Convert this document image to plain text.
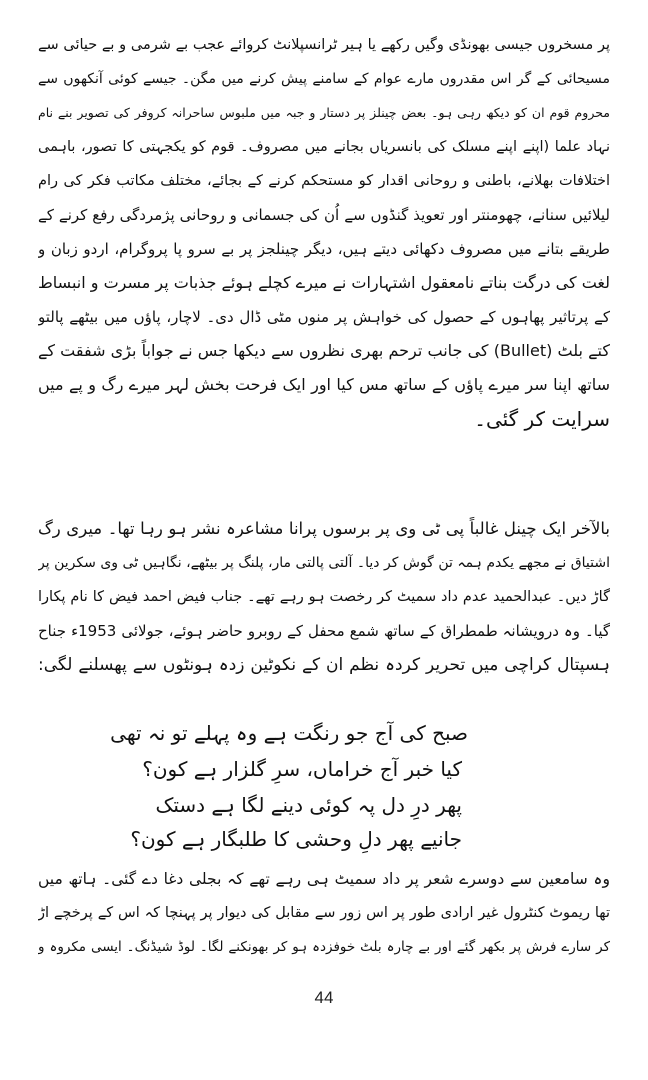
پر مسخروں جیسی بھونڈی وگیں رکھے یا ہیر ٹرانسپلانٹ کروائے عجب بے شرمی و بے حیائی سے
مسیحائی کے گر اس مقدروں مارے عوام کے سامنے پیش کرنے میں مگن۔ جیسے کوئی آنکھوں سے
محروم قوم ان کو دیکھ رہی ہو۔ بعض چینلز پر دستار و جبہ میں ملبوس ساحرانہ کروفر کی تصویر بنے نام
نہاد علما (اپنے اپنے مسلک کی بانسریاں بجانے میں مصروف۔ قوم کو یکجہتی کا تصور، باہمی
اختلافات بھلانے، باطنی و روحانی اقدار کو مستحکم کرنے کے بجائے، مختلف مکاتب فکر کی رام
لیلائیں سنانے، چھومنتر اور تعویذ گنڈوں سے اُن کی جسمانی و روحانی پژمردگی رفع کرنے کے
طریقے بتانے میں مصروف دکھائی دیتے ہیں، دیگر چینلجز پر بے سرو پا پروگرام، اردو زبان و
لغت کی درگت بناتے نامعقول اشتہارات نے میرے کچلے ہوئے جذبات پر مسرت و انبساط
کے پرتاثیر پھاہوں کے حصول کی خواہش پر منوں مٹی ڈال دی۔ لاچار، پاؤں میں بیٹھے پالتو
کتے بلٹ (Bullet) کی جانب ترحم بھری نظروں سے دیکھا جس نے جواباً بڑی شفقت کے
ساتھ اپنا سر میرے پاؤں کے ساتھ مس کیا اور ایک فرحت بخش لہر میرے رگ و پے میں
سرایت کر گئی۔
بالآخر ایک چینل غالباً پی ٹی وی پر برسوں پرانا مشاعرہ نشر ہو رہا تھا۔ میری رگ
اشتیاق نے مجھے یکدم ہمہ تن گوش کر دیا۔ آلتی پالتی مار، پلنگ پر بیٹھے، نگاہیں ٹی وی سکرین پر
گاڑ دیں۔ عبدالحمید عدم داد سمیٹ کر رخصت ہو رہے تھے۔ جناب فیض احمد فیض کا نام پکارا
گیا۔ وہ درویشانہ طمطراق کے ساتھ شمع محفل کے روبرو حاضر ہوئے، جولائی 1953ء جناح
ہسپتال کراچی میں تحریر کردہ نظم ان کے نکوٹین زدہ ہونٹوں سے پھسلنے لگی:
صبح کی آج جو رنگت ہے وہ پہلے تو نہ تھی
کیا خبر آج خراماں، سرِ گلزار ہے کون؟
پھر درِ دل پہ کوئی دینے لگا ہے دستک
جانیے پھر دلِ وحشی کا طلبگار ہے کون؟
وہ سامعین سے دوسرے شعر پر داد سمیٹ ہی رہے تھے کہ بجلی دغا دے گئی۔ ہاتھ میں
تھا ریموٹ کنٹرول غیر ارادی طور پر اس زور سے مقابل کی دیوار پر پہنچا کہ اس کے پرخچے اڑ
کر سارے فرش پر بکھر گئے اور بے چارہ بلٹ خوفزدہ ہو کر بھونکنے لگا۔ لوڈ شیڈنگ۔ ایسی مکروہ و
44
